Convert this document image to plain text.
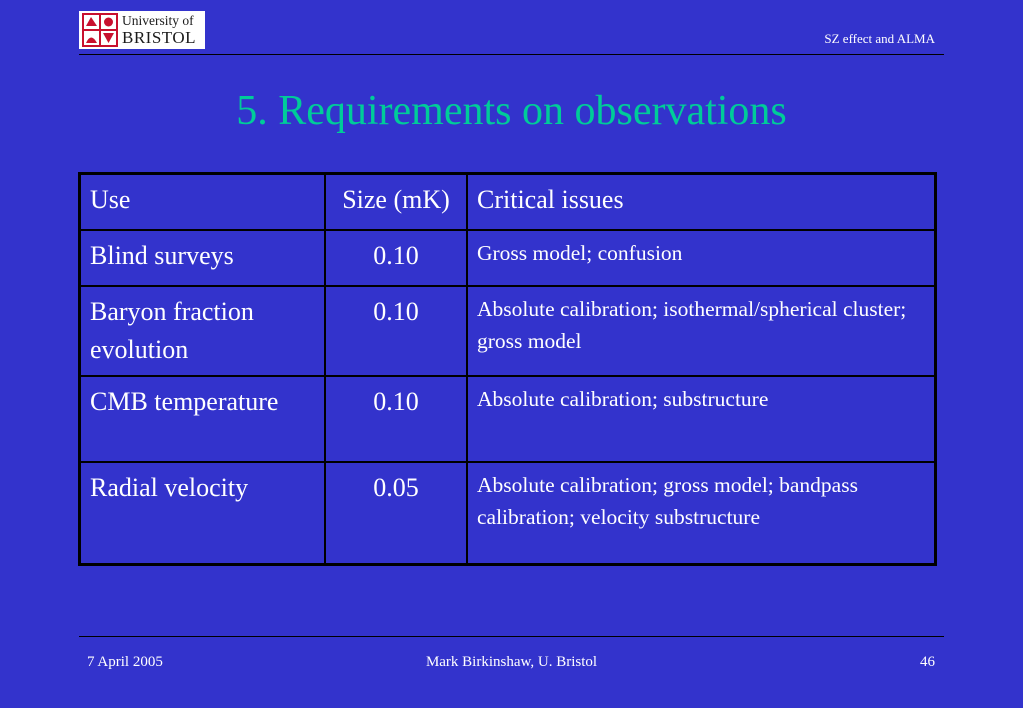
University of
BRISTOL	SZ effect and ALMA
5. Requirements on observations
Use	Size (mK)	Critical issues
Blind surveys	0.10	Gross model; confusion
Baryon fraction evolution	0.10	Absolute calibration; isothermal/spherical cluster; gross model
CMB temperature	0.10	Absolute calibration; substructure
Radial velocity	0.05	Absolute calibration; gross model; bandpass calibration; velocity substructure
7 April 2005	Mark Birkinshaw, U. Bristol	46
